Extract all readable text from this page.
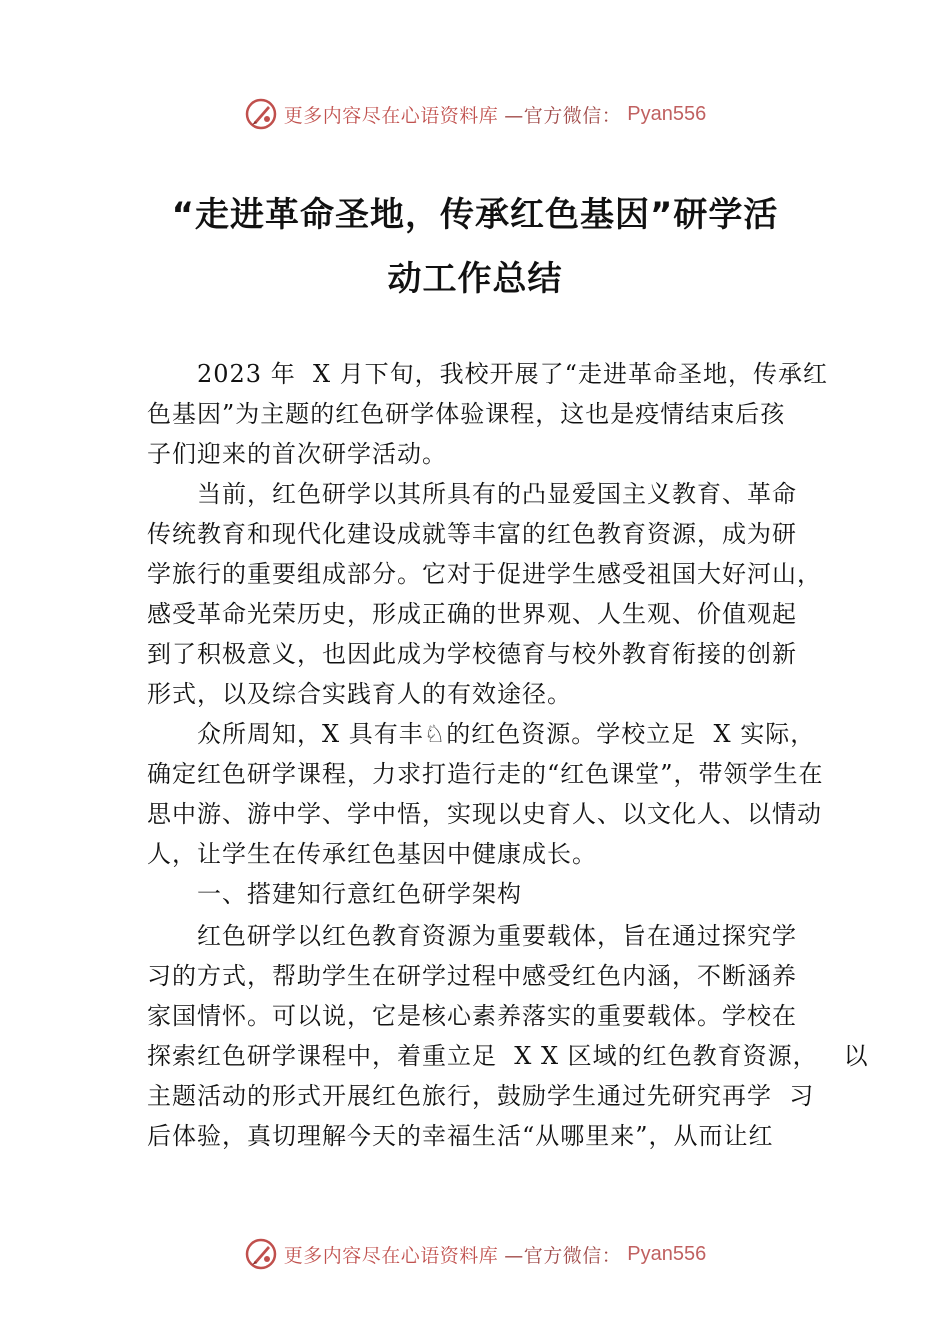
更多内容尽在心语资料库 —官方微信： Pyan556
“走进革命圣地，传承红色基因”研学活
动工作总结
　　2023 年  X 月下旬，我校开展了“走进革命圣地，传承红
色基因”为主题的红色研学体验课程，这也是疫情结束后孩
子们迎来的首次研学活动。
　　当前，红色研学以其所具有的凸显爱国主义教育、革命
传统教育和现代化建设成就等丰富的红色教育资源，成为研
学旅行的重要组成部分。它对于促进学生感受祖国大好河山，
感受革命光荣历史，形成正确的世界观、人生观、价值观起
到了积极意义，也因此成为学校德育与校外教育衔接的创新
形式，以及综合实践育人的有效途径。
　　众所周知，X 具有丰♘的红色资源。学校立足  X 实际，
确定红色研学课程，力求打造行走的“红色课堂”，带领学生在
思中游、游中学、学中悟，实现以史育人、以文化人、以情动
人，让学生在传承红色基因中健康成长。
　　一、搭建知行意红色研学架构
　　红色研学以红色教育资源为重要载体，旨在通过探究学
习的方式，帮助学生在研学过程中感受红色内涵，不断涵养
家国情怀。可以说，它是核心素养落实的重要载体。学校在
探索红色研学课程中，着重立足  X X 区域的红色教育资源，   以
主题活动的形式开展红色旅行，鼓励学生通过先研究再学  习
后体验，真切理解今天的幸福生活“从哪里来”，从而让红
更多内容尽在心语资料库 —官方微信： Pyan556
